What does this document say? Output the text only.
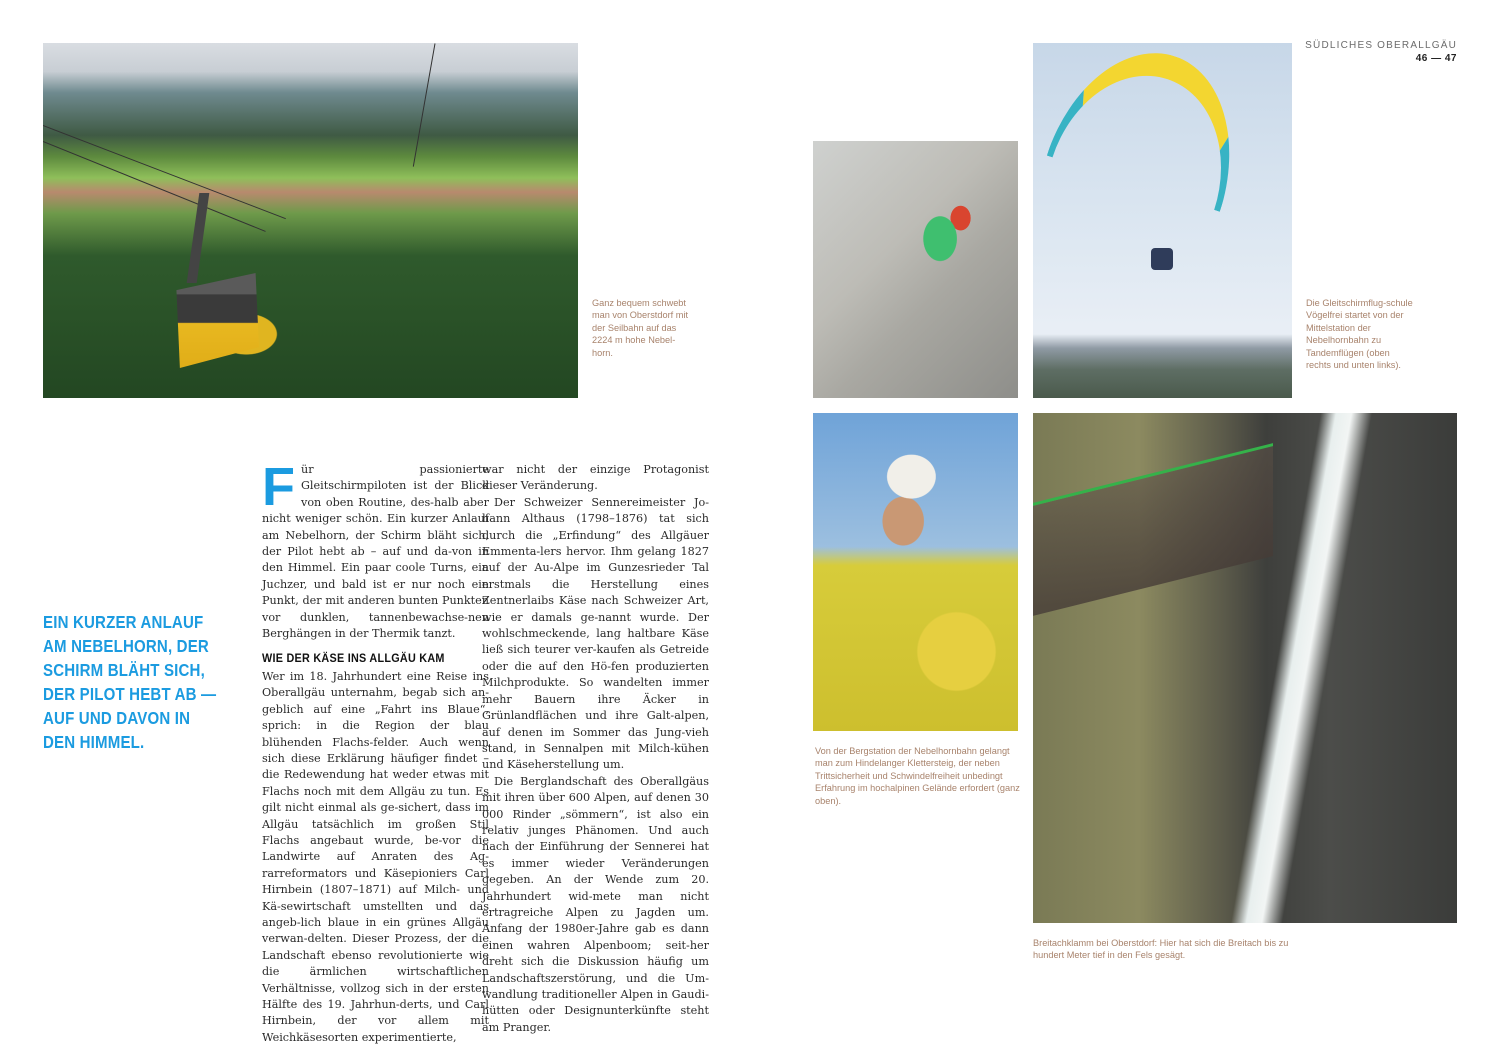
SÜDLICHES OBERALLGÄU
46 — 47
Ganz bequem schwebt man von Oberstdorf mit der Seilbahn auf das 2224 m hohe Nebel-horn.
Die Gleitschirmflug-schule Vögelfrei startet von der Mittelstation der Nebelhornbahn zu Tandemflügen (oben rechts und unten links).
Von der Bergstation der Nebelhornbahn gelangt man zum Hindelanger Klettersteig, der neben Trittsicherheit und Schwindelfreiheit unbedingt Erfahrung im hochalpinen Gelände erfordert (ganz oben).
Breitachklamm bei Oberstdorf: Hier hat sich die Breitach bis zu hundert Meter tief in den Fels gesägt.
EIN KURZER ANLAUF AM NEBELHORN, DER SCHIRM BLÄHT SICH, DER PILOT HEBT AB — AUF UND DAVON IN DEN HIMMEL.

Für passionierte Gleitschirmpiloten ist der Blick von oben Routine, des-halb aber nicht weniger schön. Ein kurzer Anlauf am Nebelhorn, der Schirm bläht sich, der Pilot hebt ab – auf und da-von in den Himmel. Ein paar coole Turns, ein Juchzer, und bald ist er nur noch ein Punkt, der mit anderen bunten Punkten vor dunklen, tannenbewachse-nen Berghängen in der Thermik tanzt.

WIE DER KÄSE INS ALLGÄU KAM

Wer im 18. Jahrhundert eine Reise ins Oberallgäu unternahm, begab sich an-geblich auf eine „Fahrt ins Blaue“, sprich: in die Region der blau blühenden Flachs-felder. Auch wenn sich diese Erklärung häufiger findet – die Redewendung hat weder etwas mit Flachs noch mit dem Allgäu zu tun. Es gilt nicht einmal als ge-sichert, dass im Allgäu tatsächlich im großen Stil Flachs angebaut wurde, be-vor die Landwirte auf Anraten des Ag-rarreformators und Käsepioniers Carl Hirnbein (1807–1871) auf Milch- und Kä-sewirtschaft umstellten und das angeb-lich blaue in ein grünes Allgäu verwan-delten. Dieser Prozess, der die Landschaft ebenso revolutionierte wie die ärmlichen wirtschaftlichen Verhältnisse, vollzog sich in der ersten Hälfte des 19. Jahrhun-derts, und Carl Hirnbein, der vor allem mit Weichkäsesorten experimentierte,

war nicht der einzige Protagonist dieser Veränderung.

Der Schweizer Sennereimeister Jo-hann Althaus (1798–1876) tat sich durch die „Erfindung“ des Allgäuer Emmenta-lers hervor. Ihm gelang 1827 auf der Au-Alpe im Gunzesrieder Tal erstmals die Herstellung eines Zentnerlaibs Käse nach Schweizer Art, wie er damals ge-nannt wurde. Der wohlschmeckende, lang haltbare Käse ließ sich teurer ver-kaufen als Getreide oder die auf den Hö-fen produzierten Milchprodukte. So wandelten immer mehr Bauern ihre Äcker in Grünlandflächen und ihre Galt-alpen, auf denen im Sommer das Jung-vieh stand, in Sennalpen mit Milch-kühen und Käseherstellung um.

Die Berglandschaft des Oberallgäus mit ihren über 600 Alpen, auf denen 30 000 Rinder „sömmern“, ist also ein relativ junges Phänomen. Und auch nach der Einführung der Sennerei hat es immer wieder Veränderungen gegeben. An der Wende zum 20. Jahrhundert wid-mete man nicht ertragreiche Alpen zu Jagden um. Anfang der 1980er-Jahre gab es dann einen wahren Alpenboom; seit-her dreht sich die Diskussion häufig um Landschaftszerstörung, und die Um-wandlung traditioneller Alpen in Gaudi-hütten oder Designunterkünfte steht am Pranger.
